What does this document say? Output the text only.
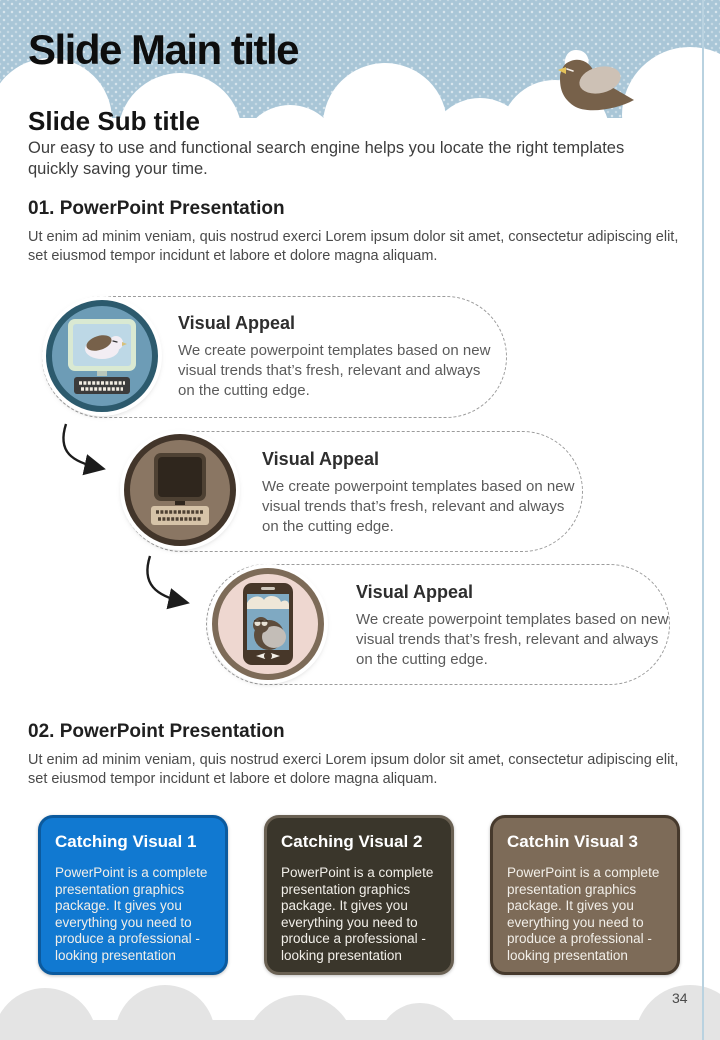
Slide Main title
Slide Sub title
Our easy to use and functional search engine helps you locate the right templates quickly saving your time.
01. PowerPoint Presentation
Ut enim ad minim veniam, quis nostrud exerci Lorem ipsum dolor sit amet, consectetur adipiscing elit, set eiusmod tempor incidunt et labore et dolore magna aliquam.

Visual Appeal

We create powerpoint templates based on new visual trends that’s fresh, relevant and always on the cutting edge.

Visual Appeal

We create powerpoint templates based on new visual trends that’s fresh, relevant and always on the cutting edge.

Visual Appeal

We create powerpoint templates based on new visual trends that’s fresh, relevant and always on the cutting edge.

02. PowerPoint Presentation
Ut enim ad minim veniam, quis nostrud exerci Lorem ipsum dolor sit amet, consectetur adipiscing elit, set eiusmod tempor incidunt et labore et dolore magna aliquam.

Catching Visual 1

PowerPoint is a complete presentation graphics package. It gives you everything you need to produce a professional - looking presentation

Catching Visual 2

PowerPoint is a complete presentation graphics package. It gives you everything you need to produce a professional - looking presentation

Catchin Visual 3

PowerPoint is a complete presentation graphics package. It gives you everything you need to produce a professional - looking presentation

34
